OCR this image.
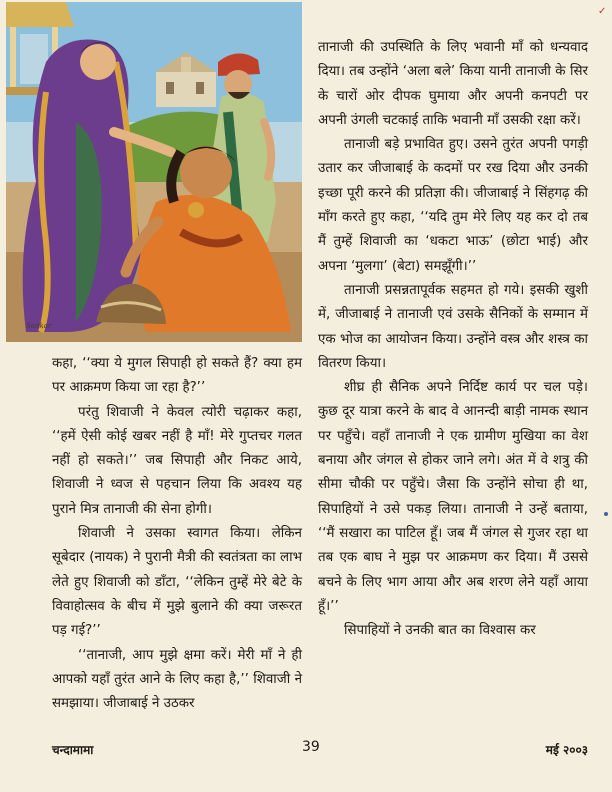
Sankar

तानाजी की उपस्थिति के लिए भवानी माँ को धन्यवाद दिया। तब उन्होंने ‘अला बले’ किया यानी तानाजी के सिर के चारों ओर दीपक घुमाया और अपनी कनपटी पर अपनी उंगली चटकाई ताकि भवानी माँ उसकी रक्षा करें।

तानाजी बड़े प्रभावित हुए। उसने तुरंत अपनी पगड़ी उतार कर जीजाबाई के कदमों पर रख दिया और उनकी इच्छा पूरी करने की प्रतिज्ञा की। जीजाबाई ने सिंहगढ़ की माँग करते हुए कहा, ‘‘यदि तुम मेरे लिए यह कर दो तब मैं तुम्हें शिवाजी का ‘धकटा भाऊ’ (छोटा भाई) और अपना ‘मुलगा’ (बेटा) समझूँगी।’’

तानाजी प्रसन्नतापूर्वक सहमत हो गये। इसकी खुशी में, जीजाबाई ने तानाजी एवं उसके सैनिकों के सम्मान में एक भोज का आयोजन किया। उन्होंने वस्त्र और शस्त्र का वितरण किया।

शीघ्र ही सैनिक अपने निर्दिष्ट कार्य पर चल पड़े। कुछ दूर यात्रा करने के बाद वे आनन्दी बाड़ी नामक स्थान पर पहुँचे। वहाँ तानाजी ने एक ग्रामीण मुखिया का वेश बनाया और जंगल से होकर जाने लगे। अंत में वे शत्रु की सीमा चौकी पर पहुँचे। जैसा कि उन्होंने सोचा ही था, सिपाहियों ने उसे पकड़ लिया। तानाजी ने उन्हें बताया, ‘‘मैं सखारा का पाटिल हूँ। जब मैं जंगल से गुजर रहा था तब एक बाघ ने मुझ पर आक्रमण कर दिया। मैं उससे बचने के लिए भाग आया और अब शरण लेने यहाँ आया हूँ।’’

सिपाहियों ने उनकी बात का विश्वास कर

कहा, ‘‘क्या ये मुगल सिपाही हो सकते हैं? क्या हम पर आक्रमण किया जा रहा है?’’

परंतु शिवाजी ने केवल त्योरी चढ़ाकर कहा, ‘‘हमें ऐसी कोई खबर नहीं है माँ! मेरे गुप्तचर गलत नहीं हो सकते।’’ जब सिपाही और निकट आये, शिवाजी ने ध्वज से पहचान लिया कि अवश्य यह पुराने मित्र तानाजी की सेना होगी।

शिवाजी ने उसका स्वागत किया। लेकिन सूबेदार (नायक) ने पुरानी मैत्री की स्वतंत्रता का लाभ लेते हुए शिवाजी को डाँटा, ‘‘लेकिन तुम्हें मेरे बेटे के विवाहोत्सव के बीच में मुझे बुलाने की क्या जरूरत पड़ गई?’’

‘‘तानाजी, आप मुझे क्षमा करें। मेरी माँ ने ही आपको यहाँ तुरंत आने के लिए कहा है,’’ शिवाजी ने समझाया। जीजाबाई ने उठकर

चन्दामामा	39	मई २००३
✓
